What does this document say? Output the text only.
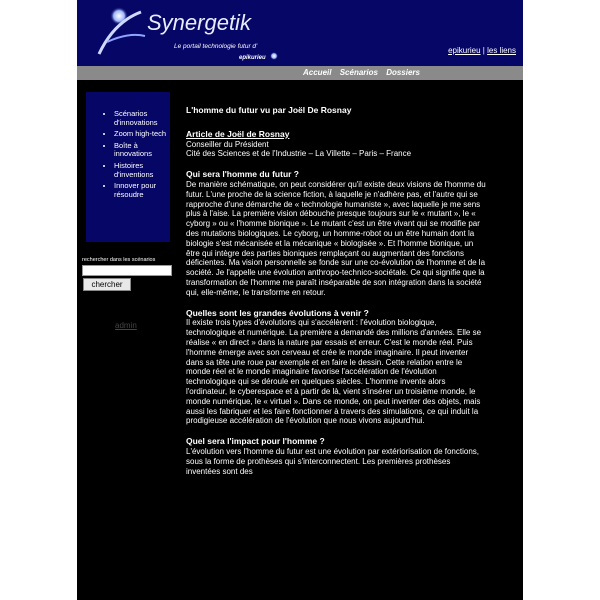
Synergetik
Le portail technologie futur d'
epikurieu
epikurieu | les liens
Accueil Scénarios Dossiers
• Scénarios d'innovations
• Zoom high-tech
• Boîte à innovations
• Histoires d'inventions
• Innover pour résoudre
rechercher dans les scénarios
chercher
admin
L'homme du futur vu par Joël De Rosnay

Article de Joël de Rosnay
Conseiller du Président
Cité des Sciences et de l'Industrie – La Villette – Paris – France

Qui sera l'homme du futur ?

De manière schématique, on peut considérer qu'il existe deux visions de l'homme du futur. L'une proche de la science fiction, à laquelle je n'adhère pas, et l'autre qui se rapproche d'une démarche de « technologie humaniste », avec laquelle je me sens plus à l'aise. La première vision débouche presque toujours sur le « mutant », le « cyborg » ou « l'homme bionique ». Le mutant c'est un être vivant qui se modifie par des mutations biologiques. Le cyborg, un homme-robot ou un être humain dont la biologie s'est mécanisée et la mécanique « biologisée ». Et l'homme bionique, un être qui intègre des parties bioniques remplaçant ou augmentant des fonctions déficientes. Ma vision personnelle se fonde sur une co-évolution de l'homme et de la société. Je l'appelle une évolution anthropo-technico-sociétale. Ce qui signifie que la transformation de l'homme me paraît inséparable de son intégration dans la société qui, elle-même, le transforme en retour.

Quelles sont les grandes évolutions à venir ?

Il existe trois types d'évolutions qui s'accélèrent : l'évolution biologique, technologique et numérique. La première a demandé des millions d'années. Elle se réalise « en direct » dans la nature par essais et erreur. C'est le monde réel. Puis l'homme émerge avec son cerveau et crée le monde imaginaire. Il peut inventer dans sa tête une roue par exemple et en faire le dessin. Cette relation entre le monde réel et le monde imaginaire favorise l'accélération de l'évolution technologique qui se déroule en quelques siècles. L'homme invente alors l'ordinateur, le cyberespace et à partir de là, vient s'insérer un troisième monde, le monde numérique, le « virtuel ». Dans ce monde, on peut inventer des objets, mais aussi les fabriquer et les faire fonctionner à travers des simulations, ce qui induit la prodigieuse accélération de l'évolution que nous vivons aujourd'hui.

Quel sera l'impact pour l'homme ?

L'évolution vers l'homme du futur est une évolution par extériorisation de fonctions, sous la forme de prothèses qui s'interconnectent. Les premières prothèses inventées sont des
